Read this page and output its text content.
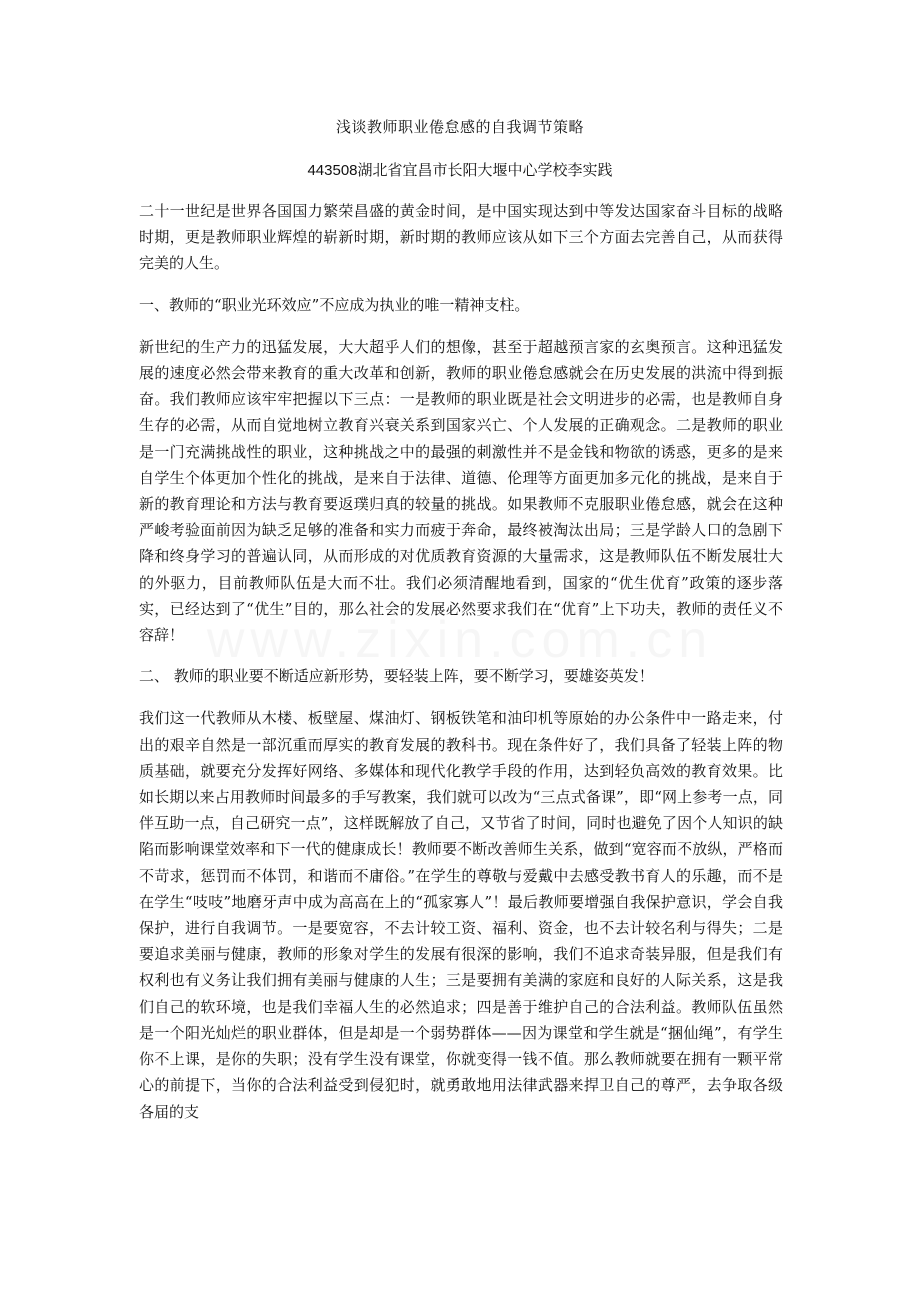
浅谈教师职业倦怠感的自我调节策略
443508湖北省宜昌市长阳大堰中心学校李实践

二十一世纪是世界各国国力繁荣昌盛的黄金时间，是中国实现达到中等发达国家奋斗目标的战略时期，更是教师职业辉煌的崭新时期，新时期的教师应该从如下三个方面去完善自己，从而获得完美的人生。

一、教师的“职业光环效应”不应成为执业的唯一精神支柱。

新世纪的生产力的迅猛发展，大大超乎人们的想像，甚至于超越预言家的玄奥预言。这种迅猛发展的速度必然会带来教育的重大改革和创新，教师的职业倦怠感就会在历史发展的洪流中得到振奋。我们教师应该牢牢把握以下三点：一是教师的职业既是社会文明进步的必需，也是教师自身生存的必需，从而自觉地树立教育兴衰关系到国家兴亡、个人发展的正确观念。二是教师的职业是一门充满挑战性的职业，这种挑战之中的最强的刺激性并不是金钱和物欲的诱惑，更多的是来自学生个体更加个性化的挑战，是来自于法律、道德、伦理等方面更加多元化的挑战，是来自于新的教育理论和方法与教育要返璞归真的较量的挑战。如果教师不克服职业倦怠感，就会在这种严峻考验面前因为缺乏足够的准备和实力而疲于奔命，最终被淘汰出局；三是学龄人口的急剧下降和终身学习的普遍认同，从而形成的对优质教育资源的大量需求，这是教师队伍不断发展壮大的外驱力，目前教师队伍是大而不壮。我们必须清醒地看到，国家的“优生优育”政策的逐步落实，已经达到了“优生”目的，那么社会的发展必然要求我们在“优育”上下功夫，教师的责任义不容辞！

二、 教师的职业要不断适应新形势，要轻装上阵，要不断学习，要雄姿英发！

我们这一代教师从木楼、板壁屋、煤油灯、钢板铁笔和油印机等原始的办公条件中一路走来，付出的艰辛自然是一部沉重而厚实的教育发展的教科书。现在条件好了，我们具备了轻装上阵的物质基础，就要充分发挥好网络、多媒体和现代化教学手段的作用，达到轻负高效的教育效果。比如长期以来占用教师时间最多的手写教案，我们就可以改为“三点式备课”，即“网上参考一点，同伴互助一点，自己研究一点”，这样既解放了自己，又节省了时间，同时也避免了因个人知识的缺陷而影响课堂效率和下一代的健康成长！教师要不断改善师生关系，做到“宽容而不放纵，严格而不苛求，惩罚而不体罚，和谐而不庸俗。”在学生的尊敬与爱戴中去感受教书育人的乐趣，而不是在学生“吱吱”地磨牙声中成为高高在上的“孤家寡人”！最后教师要增强自我保护意识，学会自我保护，进行自我调节。一是要宽容，不去计较工资、福利、资金，也不去计较名利与得失；二是要追求美丽与健康，教师的形象对学生的发展有很深的影响，我们不追求奇装异服，但是我们有权利也有义务让我们拥有美丽与健康的人生；三是要拥有美满的家庭和良好的人际关系，这是我们自己的软环境，也是我们幸福人生的必然追求；四是善于维护自己的合法利益。教师队伍虽然是一个阳光灿烂的职业群体，但是却是一个弱势群体——因为课堂和学生就是“捆仙绳”，有学生你不上课，是你的失职；没有学生没有课堂，你就变得一钱不值。那么教师就要在拥有一颗平常心的前提下，当你的合法利益受到侵犯时，就勇敢地用法律武器来捍卫自己的尊严，去争取各级各届的支
